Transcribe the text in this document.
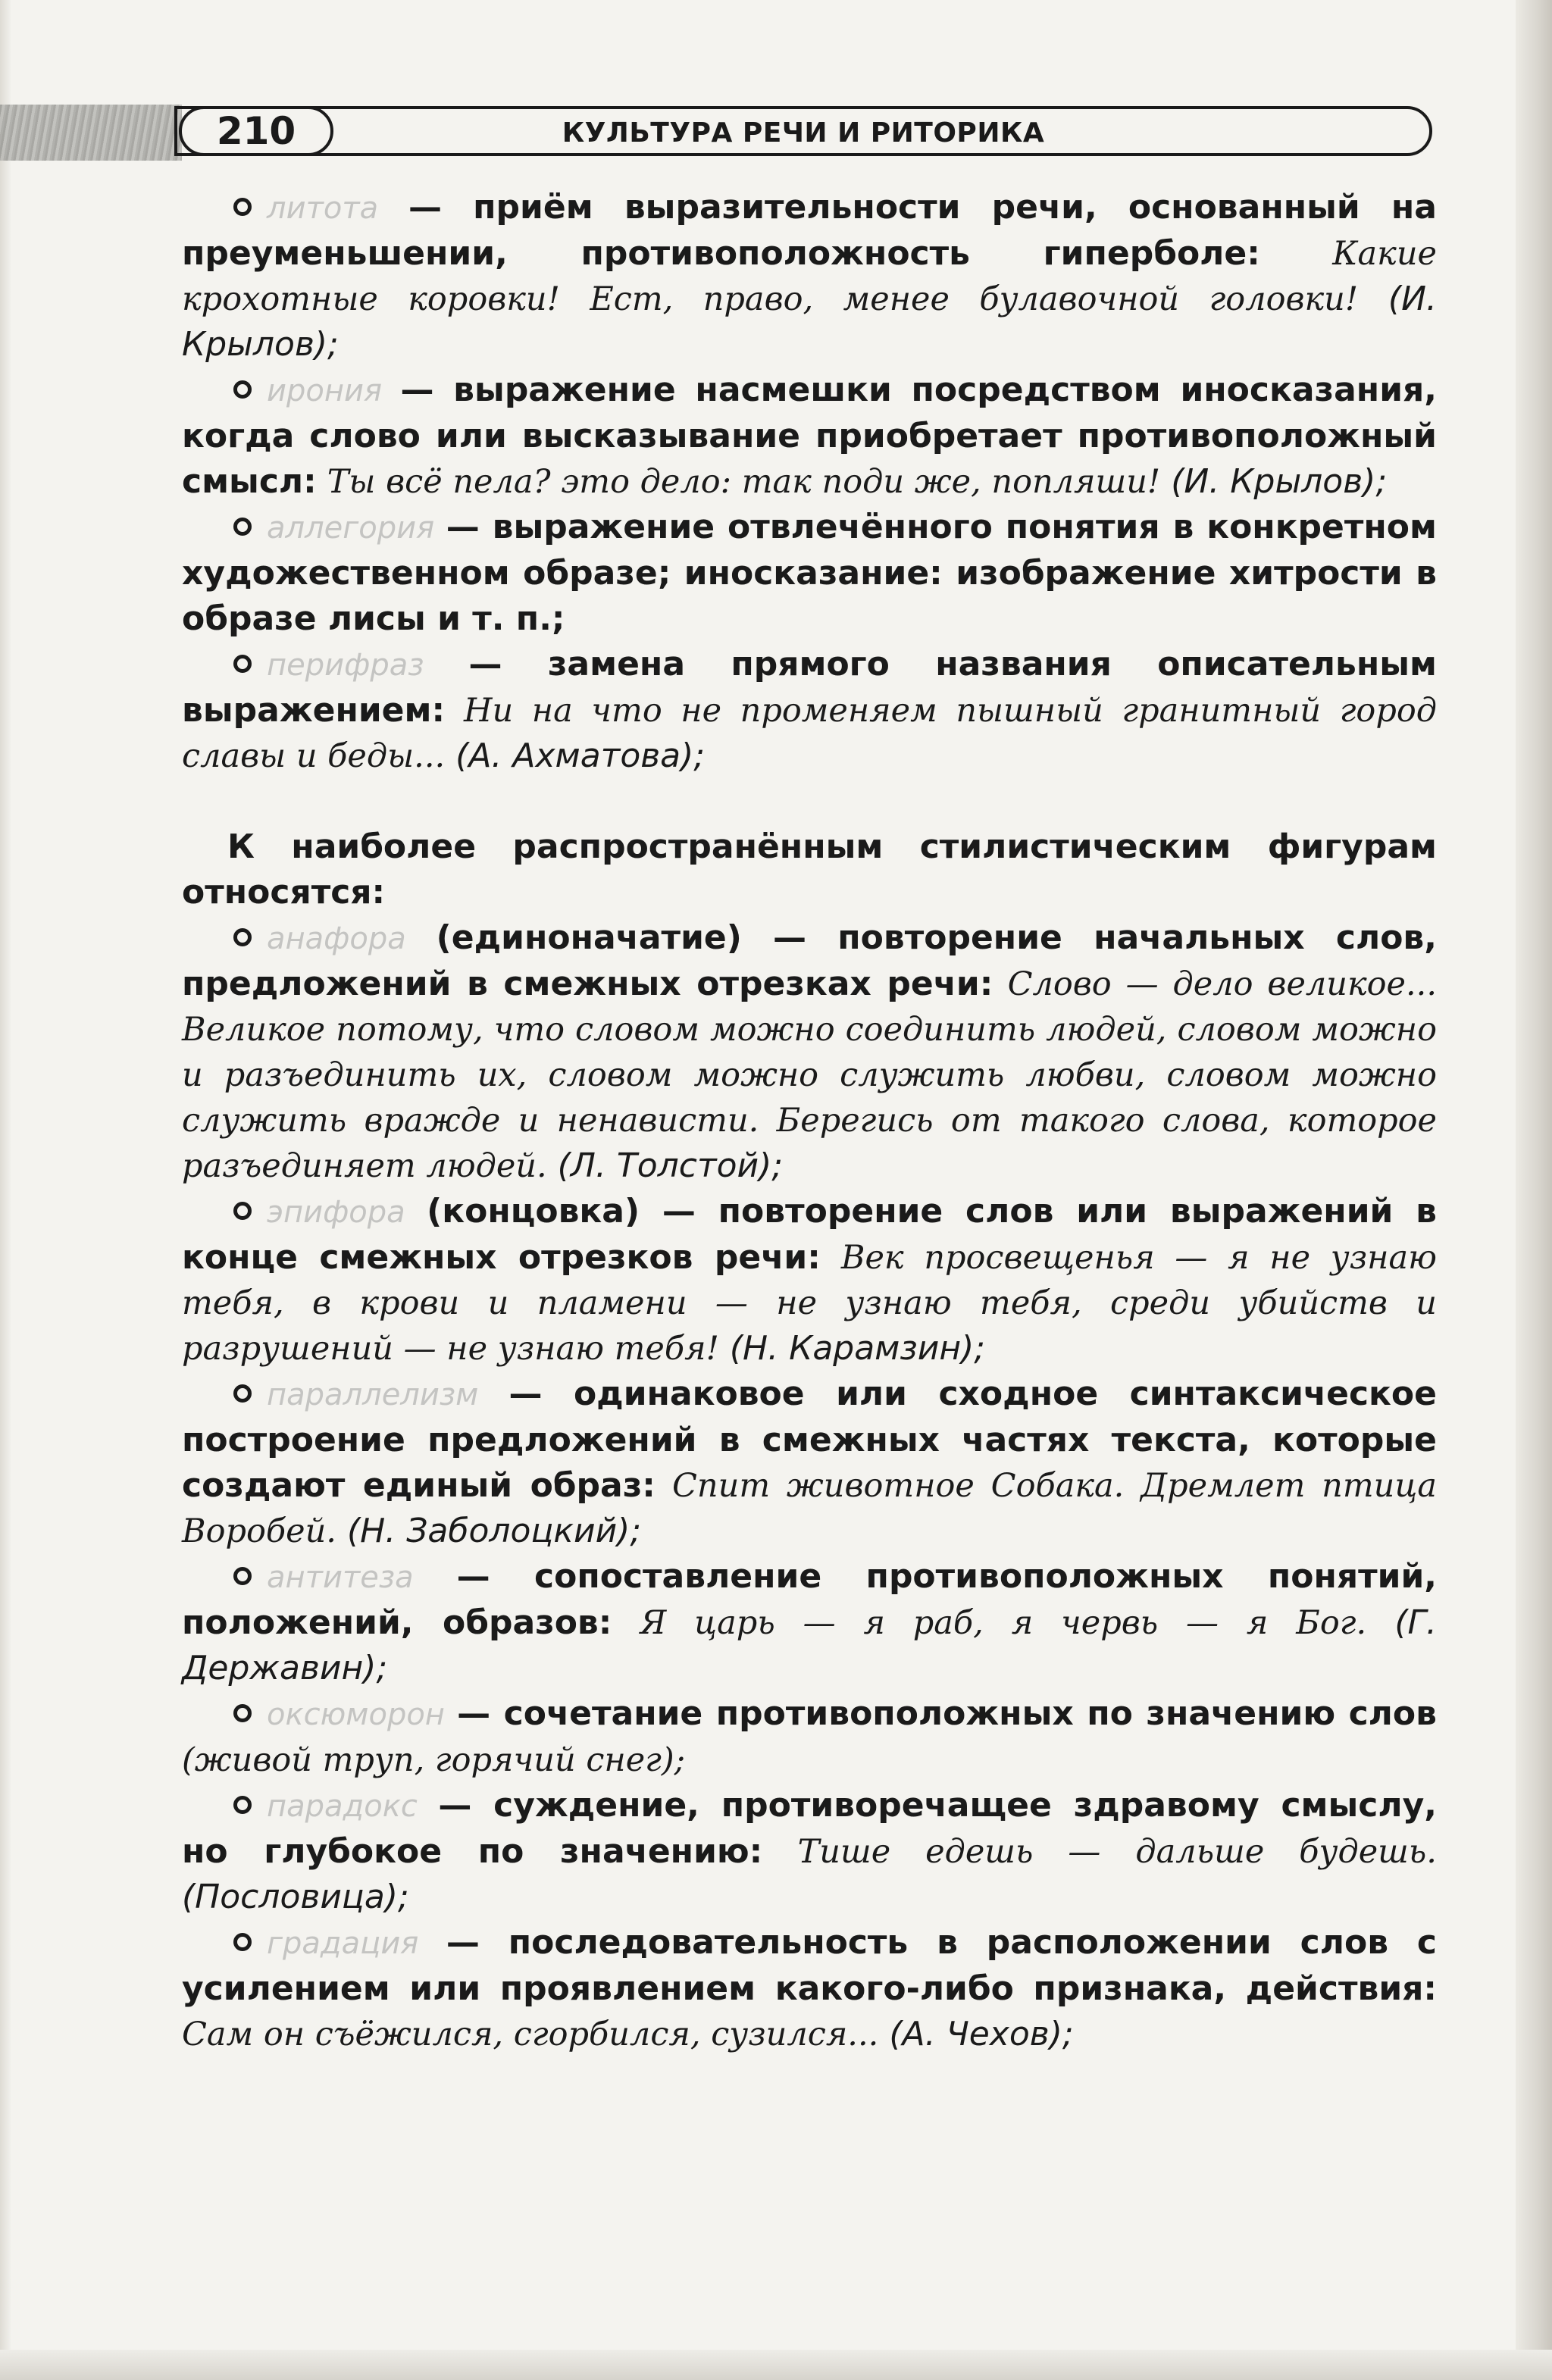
210	КУЛЬТУРА РЕЧИ И РИТОРИКА

литота — приём выразительности речи, основанный на преуменьшении, противоположность гиперболе: Какие крохотные коровки! Ест, право, менее булавочной головки! (И. Крылов);

ирония — выражение насмешки посредством иносказания, когда слово или высказывание приобретает противоположный смысл: Ты всё пела? это дело: так поди же, попляши! (И. Крылов);

аллегория — выражение отвлечённого понятия в конкретном художественном образе; иносказание: изображение хитрости в образе лисы и т. п.;

перифраз — замена прямого названия описательным выражением: Ни на что не променяем пышный гранитный город славы и беды... (А. Ахматова);

К наиболее распространённым стилистическим фигурам относятся:

анафора (единоначатие) — повторение начальных слов, предложений в смежных отрезках речи: Слово — дело великое... Великое потому, что словом можно соединить людей, словом можно и разъединить их, словом можно служить любви, словом можно служить вражде и ненависти. Берегись от такого слова, которое разъединяет людей. (Л. Толстой);

эпифора (концовка) — повторение слов или выражений в конце смежных отрезков речи: Век просвещенья — я не узнаю тебя, в крови и пламени — не узнаю тебя, среди убийств и разрушений — не узнаю тебя! (Н. Карамзин);

параллелизм — одинаковое или сходное синтаксическое построение предложений в смежных частях текста, которые создают единый образ: Спит животное Собака. Дремлет птица Воробей. (Н. Заболоцкий);

антитеза — сопоставление противоположных понятий, положений, образов: Я царь — я раб, я червь — я Бог. (Г. Державин);

оксюморон — сочетание противоположных по значению слов (живой труп, горячий снег);

парадокс — суждение, противоречащее здравому смыслу, но глубокое по значению: Тише едешь — дальше будешь. (Пословица);

градация — последовательность в расположении слов с усилением или проявлением какого-либо признака, действия: Сам он съёжился, сгорбился, сузился... (А. Чехов);
